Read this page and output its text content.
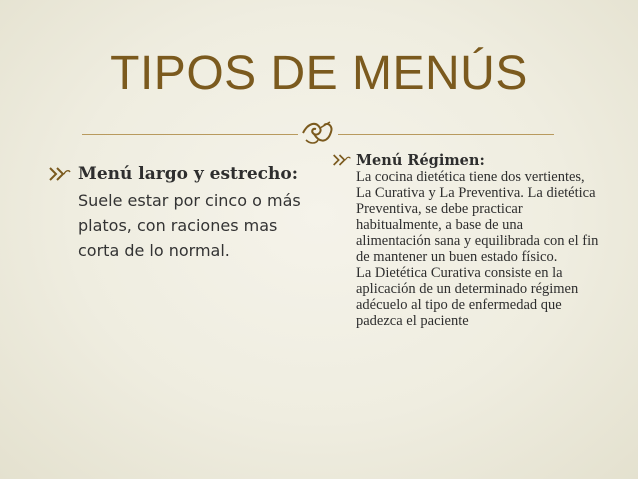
TIPOS DE MENÚS
Menú largo y estrecho:
Suele estar por cinco o más platos, con raciones mas corta de lo normal.
Menú Régimen:

La cocina dietética tiene dos vertientes, La Curativa y La Preventiva. La dietética Preventiva, se debe practicar habitualmente, a base de una alimentación sana y equilibrada con el fin de mantener un buen estado físico.

La Dietética Curativa consiste en la aplicación de un determinado régimen adécuelo al tipo de enfermedad que padezca el paciente
